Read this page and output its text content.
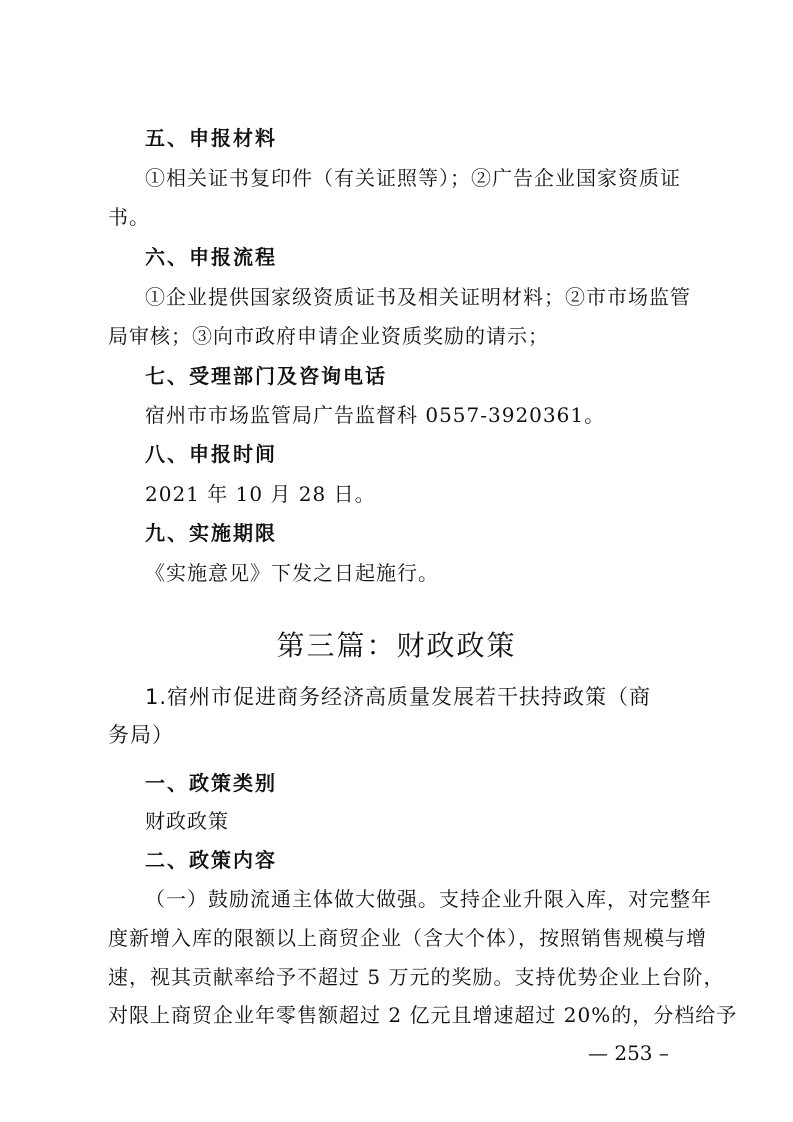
五、申报材料
①相关证书复印件（有关证照等）；②广告企业国家资质证
书。
六、申报流程
①企业提供国家级资质证书及相关证明材料；②市市场监管
局审核；③向市政府申请企业资质奖励的请示；
七、受理部门及咨询电话
宿州市市场监管局广告监督科 0557-3920361。
八、申报时间
2021 年 10 月 28 日。
九、实施期限
《实施意见》下发之日起施行。
第三篇：财政政策
1.宿州市促进商务经济高质量发展若干扶持政策（商
务局）
一、政策类别
财政政策
二、政策内容
（一）鼓励流通主体做大做强。支持企业升限入库，对完整年
度新增入库的限额以上商贸企业（含大个体），按照销售规模与增
速，视其贡献率给予不超过 5 万元的奖励。支持优势企业上台阶，
对限上商贸企业年零售额超过 2 亿元且增速超过 20%的，分档给予
— 253 –
